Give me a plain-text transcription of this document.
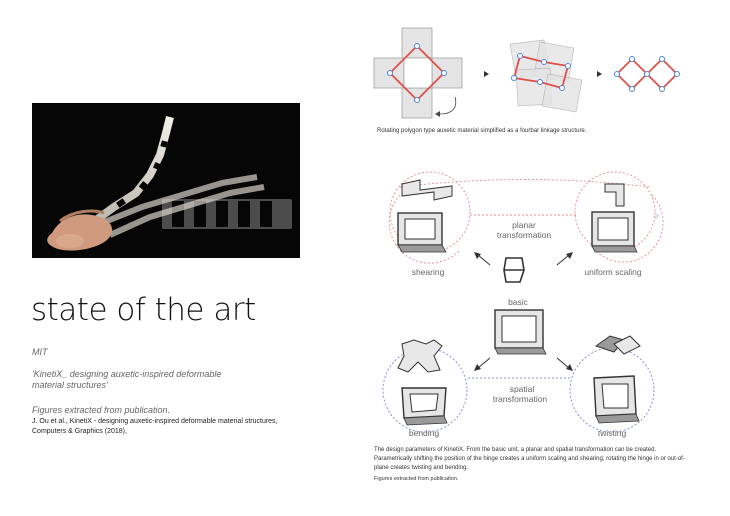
state of the art
MIT
'KinetiX_ designing auxetic-inspired deformable
material structures'
Figures extracted from publication.
J. Ou et al., KinetiX - designing auxetic-inspired deformable material structures, Computers & Graphics (2018),
Rotating polygon type auxetic material simplified as a fourbar linkage structure.
planar
transformation
shearing	uniform scaling
basic
spatial
transformation
bending	twisting
The design parameters of KinetiX. From the basic unit, a planar and spatial transformation can be created. Parametrically shifting the position of the hinge creates a uniform scaling and shearing; rotating the hinge in or out-of-plane creates twisting and bending.
Figures extracted from publication.
